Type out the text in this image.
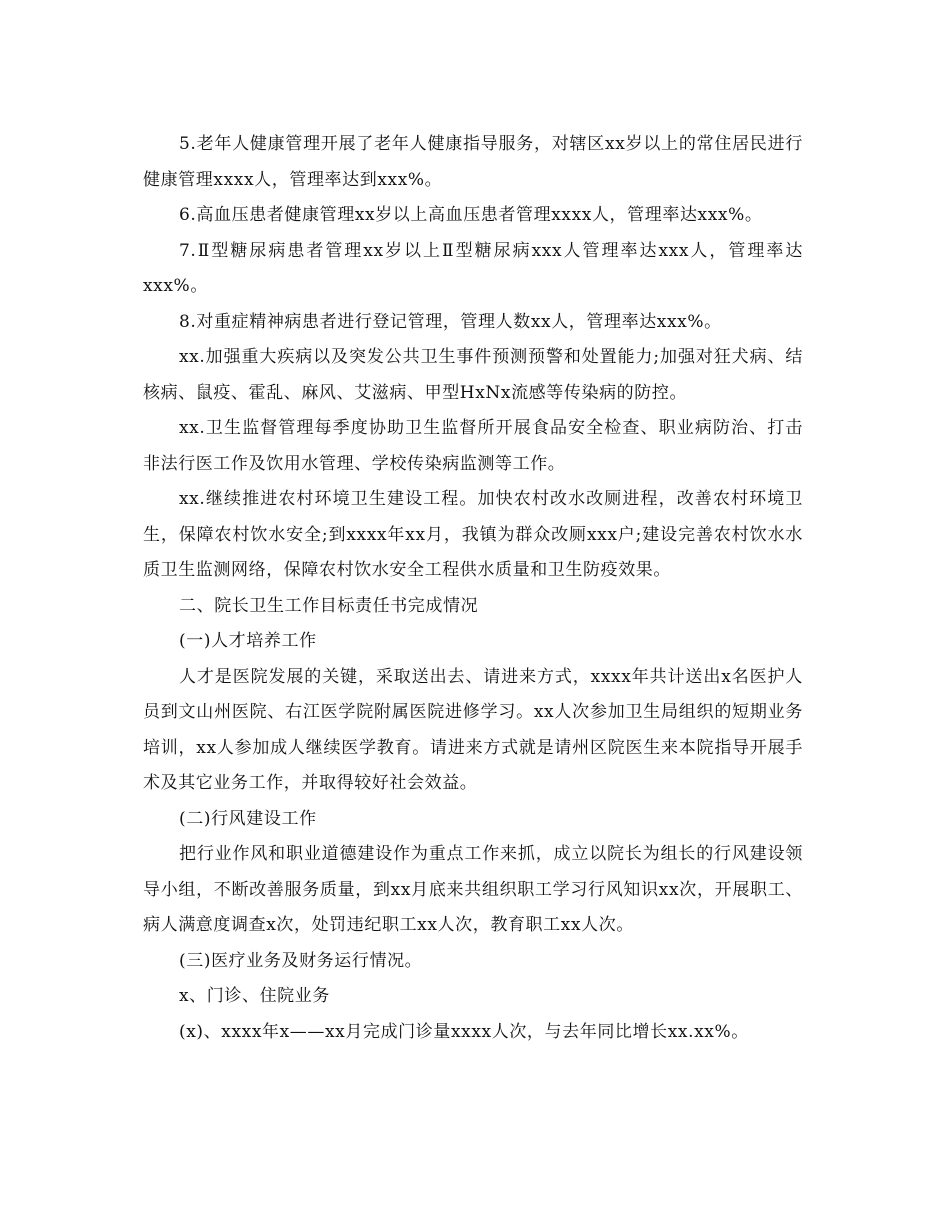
5.老年人健康管理开展了老年人健康指导服务，对辖区xx岁以上的常住居民进行健康管理xxxx人，管理率达到xxx%。

6.高血压患者健康管理xx岁以上高血压患者管理xxxx人，管理率达xxx%。

7.Ⅱ型糖尿病患者管理xx岁以上Ⅱ型糖尿病xxx人管理率达xxx人，管理率达xxx%。

8.对重症精神病患者进行登记管理，管理人数xx人，管理率达xxx%。

xx.加强重大疾病以及突发公共卫生事件预测预警和处置能力;加强对狂犬病、结核病、鼠疫、霍乱、麻风、艾滋病、甲型HxNx流感等传染病的防控。

xx.卫生监督管理每季度协助卫生监督所开展食品安全检查、职业病防治、打击非法行医工作及饮用水管理、学校传染病监测等工作。

xx.继续推进农村环境卫生建设工程。加快农村改水改厕进程，改善农村环境卫生，保障农村饮水安全;到xxxx年xx月，我镇为群众改厕xxx户;建设完善农村饮水水质卫生监测网络，保障农村饮水安全工程供水质量和卫生防疫效果。

二、院长卫生工作目标责任书完成情况

(一)人才培养工作

人才是医院发展的关键，采取送出去、请进来方式，xxxx年共计送出x名医护人员到文山州医院、右江医学院附属医院进修学习。xx人次参加卫生局组织的短期业务培训，xx人参加成人继续医学教育。请进来方式就是请州区院医生来本院指导开展手术及其它业务工作，并取得较好社会效益。

(二)行风建设工作

把行业作风和职业道德建设作为重点工作来抓，成立以院长为组长的行风建设领导小组，不断改善服务质量，到xx月底来共组织职工学习行风知识xx次，开展职工、病人满意度调查x次，处罚违纪职工xx人次，教育职工xx人次。

(三)医疗业务及财务运行情况。

x、门诊、住院业务

(x)、xxxx年x——xx月完成门诊量xxxx人次，与去年同比增长xx.xx%。
